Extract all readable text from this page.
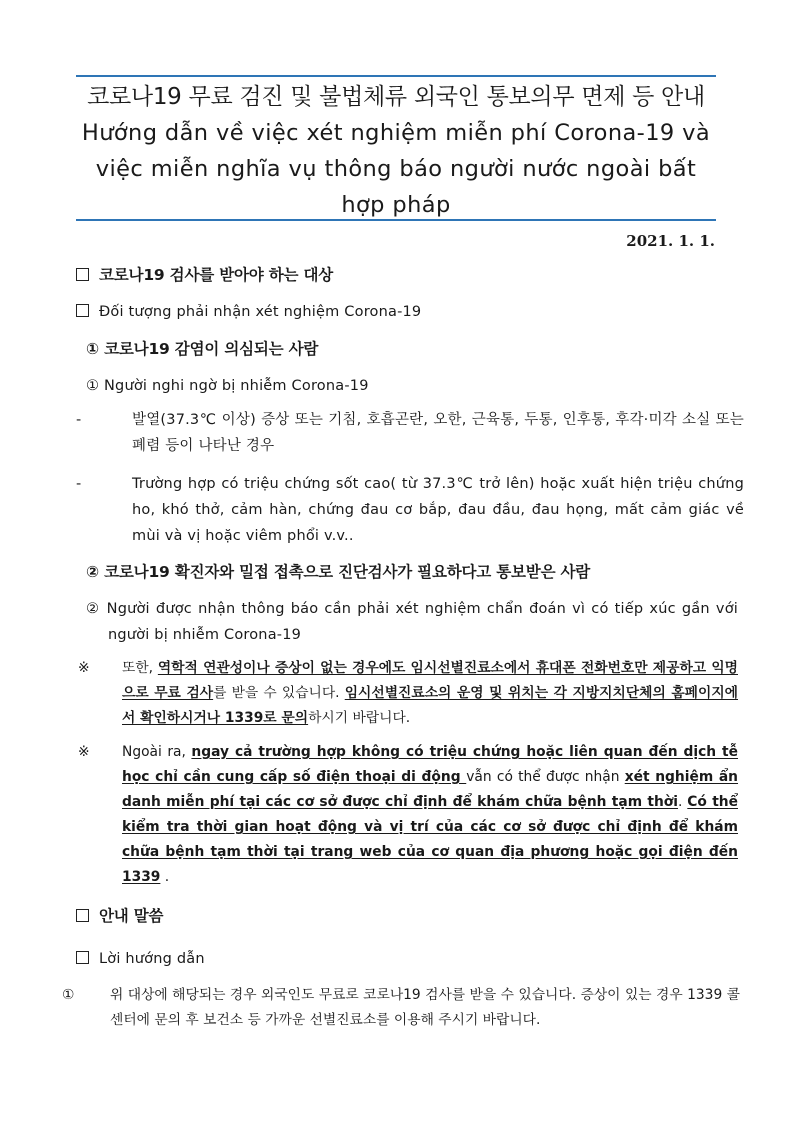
코로나19 무료 검진 및 불법체류 외국인 통보의무 면제 등 안내

Hướng dẫn về việc xét nghiệm miễn phí Corona-19 và việc miễn nghĩa vụ thông báo người nước ngoài bất hợp pháp

2021. 1. 1.
코로나19 검사를 받아야 하는 대상
Đối tượng phải nhận xét nghiệm Corona-19
① 코로나19 감염이 의심되는 사람
① Người nghi ngờ bị nhiễm Corona-19
-	발열(37.3℃ 이상) 증상 또는 기침, 호흡곤란, 오한, 근육통, 두통, 인후통, 후각·미각 소실 또는 폐렴 등이 나타난 경우
-	Trường hợp có triệu chứng sốt cao( từ 37.3℃ trở lên) hoặc xuất hiện triệu chứng ho, khó thở, cảm hàn, chứng đau cơ bắp, đau đầu, đau họng, mất cảm giác về mùi và vị hoặc viêm phổi v.v..
② 코로나19 확진자와 밀접 접촉으로 진단검사가 필요하다고 통보받은 사람
② Người được nhận thông báo cần phải xét nghiệm chẩn đoán vì có tiếp xúc gần với người bị nhiễm Corona-19
※ 또한, 역학적 연관성이나 증상이 없는 경우에도 임시선별진료소에서 휴대폰 전화번호만 제공하고 익명으로 무료 검사를 받을 수 있습니다. 임시선별진료소의 운영 및 위치는 각 지방지치단체의 홈페이지에서 확인하시거나 1339로 문의하시기 바랍니다.
※ Ngoài ra, ngay cả trường hợp không có triệu chứng hoặc liên quan đến dịch tễ học chỉ cần cung cấp số điện thoại di động vẫn có thể được nhận xét nghiệm ẩn danh miễn phí tại các cơ sở được chỉ định để khám chữa bệnh tạm thời. Có thể kiểm tra thời gian hoạt động và vị trí của các cơ sở được chỉ định để khám chữa bệnh tạm thời tại trang web của cơ quan địa phương hoặc gọi điện đến 1339 .
안내 말씀
Lời hướng dẫn
①	위 대상에 해당되는 경우 외국인도 무료로 코로나19 검사를 받을 수 있습니다. 증상이 있는 경우 1339 콜센터에 문의 후 보건소 등 가까운 선별진료소를 이용해 주시기 바랍니다.
